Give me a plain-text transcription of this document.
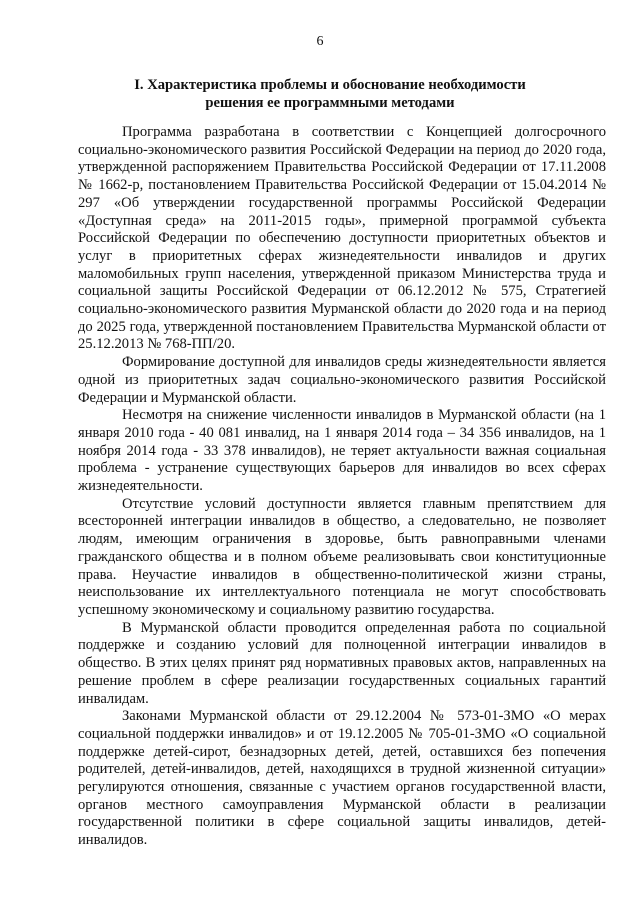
6
I. Характеристика проблемы и обоснование необходимости
решения ее программными методами

Программа разработана в соответствии с Концепцией долгосрочного социально-экономического развития Российской Федерации на период до 2020 года, утвержденной распоряжением Правительства Российской Федерации от 17.11.2008 № 1662-р, постановлением Правительства Российской Федерации от 15.04.2014 № 297 «Об утверждении государственной программы Российской Федерации «Доступная среда» на 2011-2015 годы», примерной программой субъекта Российской Федерации по обеспечению доступности приоритетных объектов и услуг в приоритетных сферах жизнедеятельности инвалидов и других маломобильных групп населения, утвержденной приказом Министерства труда и социальной защиты Российской Федерации от 06.12.2012 № 575, Стратегией социально-экономического развития Мурманской области до 2020 года и на период до 2025 года, утвержденной постановлением Правительства Мурманской области от 25.12.2013 № 768-ПП/20.

Формирование доступной для инвалидов среды жизнедеятельности является одной из приоритетных задач социально-экономического развития Российской Федерации и Мурманской области.

Несмотря на снижение численности инвалидов в Мурманской области (на 1 января 2010 года - 40 081 инвалид, на 1 января 2014 года – 34 356 инвалидов, на 1 ноября 2014 года - 33 378 инвалидов), не теряет актуальности важная социальная проблема - устранение существующих барьеров для инвалидов во всех сферах жизнедеятельности.

Отсутствие условий доступности является главным препятствием для всесторонней интеграции инвалидов в общество, а следовательно, не позволяет людям, имеющим ограничения в здоровье, быть равноправными членами гражданского общества и в полном объеме реализовывать свои конституционные права. Неучастие инвалидов в общественно-политической жизни страны, неиспользование их интеллектуального потенциала не могут способствовать успешному экономическому и социальному развитию государства.

В Мурманской области проводится определенная работа по социальной поддержке и созданию условий для полноценной интеграции инвалидов в общество. В этих целях принят ряд нормативных правовых актов, направленных на решение проблем в сфере реализации государственных социальных гарантий инвалидам.

Законами Мурманской области от 29.12.2004 № 573-01-ЗМО «О мерах социальной поддержки инвалидов» и от 19.12.2005 № 705-01-ЗМО «О социальной поддержке детей-сирот, безнадзорных детей, детей, оставшихся без попечения родителей, детей-инвалидов, детей, находящихся в трудной жизненной ситуации» регулируются отношения, связанные с участием органов государственной власти, органов местного самоуправления Мурманской области в реализации государственной политики в сфере социальной защиты инвалидов, детей-инвалидов.
